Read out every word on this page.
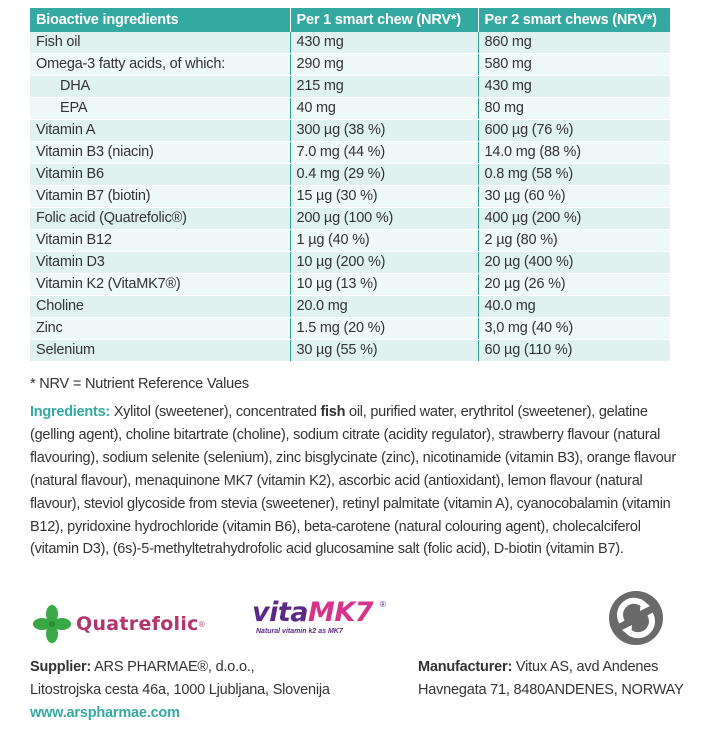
Bioactive ingredients	Per 1 smart chew (NRV*)	Per 2 smart chews (NRV*)
Fish oil	430 mg	860 mg
Omega-3 fatty acids, of which:	290 mg	580 mg
DHA	215 mg	430 mg
EPA	40 mg	80 mg
Vitamin A	300 µg (38 %)	600 µg (76 %)
Vitamin B3 (niacin)	7.0 mg (44 %)	14.0 mg (88 %)
Vitamin B6	0.4 mg (29 %)	0.8 mg (58 %)
Vitamin B7 (biotin)	15 µg (30 %)	30 µg (60 %)
Folic acid (Quatrefolic®)	200 µg (100 %)	400 µg (200 %)
Vitamin B12	1 µg (40 %)	2 µg (80 %)
Vitamin D3	10 µg (200 %)	20 µg (400 %)
Vitamin K2 (VitaMK7®)	10 µg (13 %)	20 µg (26 %)
Choline	20.0 mg	40.0 mg
Zinc	1.5 mg (20 %)	3,0 mg (40 %)
Selenium	30 µg (55 %)	60 µg (110 %)
* NRV = Nutrient Reference Values
Ingredients: Xylitol (sweetener), concentrated fish oil, purified water, erythritol (sweetener), gelatine (gelling agent), choline bitartrate (choline), sodium citrate (acidity regulator), strawberry flavour (natural flavouring), sodium selenite (selenium), zinc bisglycinate (zinc), nicotinamide (vitamin B3), orange flavour (natural flavour), menaquinone MK7 (vitamin K2), ascorbic acid (antioxidant), lemon flavour (natural flavour), steviol glycoside from stevia (sweetener), retinyl palmitate (vitamin A), cyanocobalamin (vitamin B12), pyridoxine hydrochloride (vitamin B6), beta-carotene (natural colouring agent), cholecalciferol (vitamin D3), (6s)-5-methyltetrahydrofolic acid glucosamine salt (folic acid), D-biotin (vitamin B7).
Quatrefolic ® vitaMK7 ®
Natural vitamin k2 as MK7
Supplier: ARS PHARMAE®, d.o.o.,
Litostrojska cesta 46a, 1000 Ljubljana, Slovenija
www.arspharmae.com
Manufacturer: Vitux AS, avd Andenes
Havnegata 71, 8480ANDENES, NORWAY
